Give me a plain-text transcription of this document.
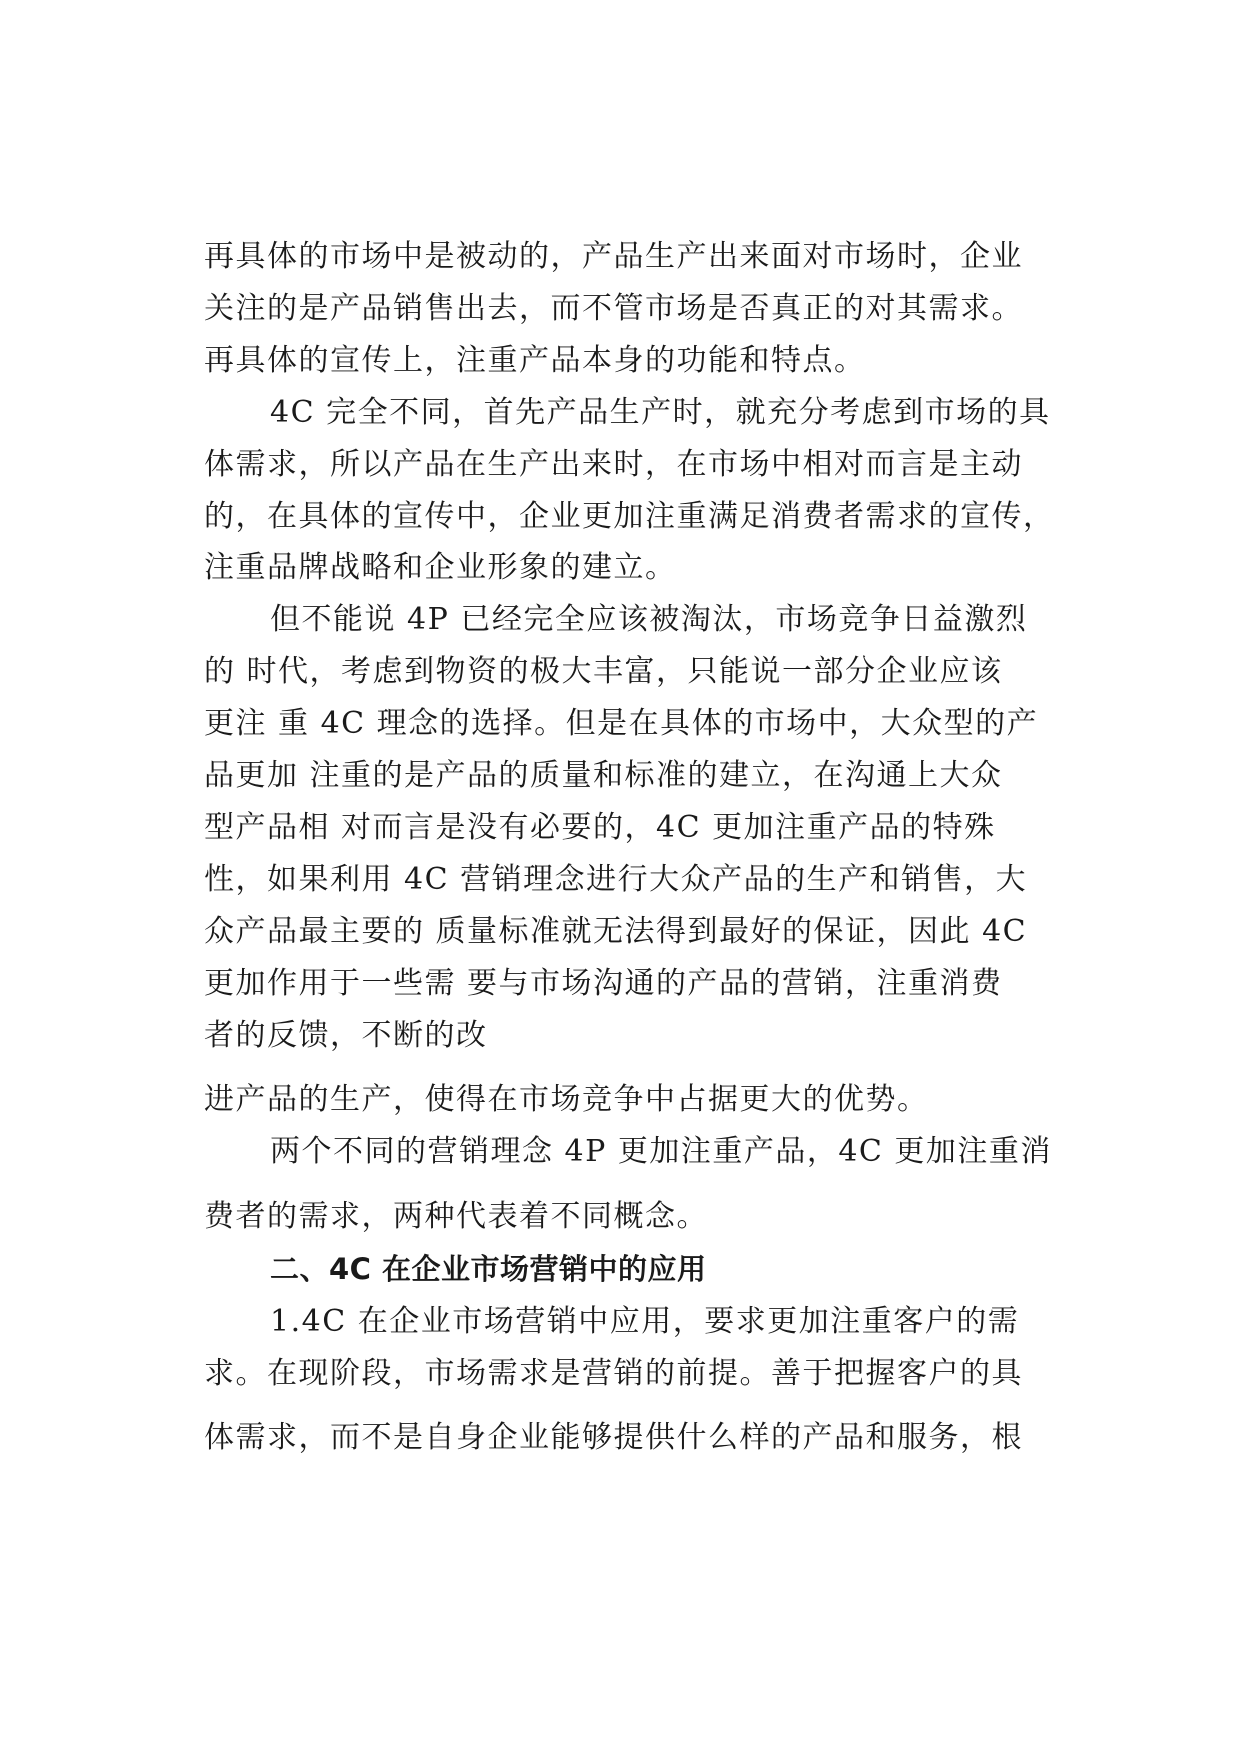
再具体的市场中是被动的，产品生产出来面对市场时，企业
关注的是产品销售出去，而不管市场是否真正的对其需求。
再具体的宣传上，注重产品本身的功能和特点。
4C 完全不同，首先产品生产时，就充分考虑到市场的具
体需求，所以产品在生产出来时，在市场中相对而言是主动
的，在具体的宣传中，企业更加注重满足消费者需求的宣传，
注重品牌战略和企业形象的建立。
但不能说 4P 已经完全应该被淘汰，市场竞争日益激烈
的 时代，考虑到物资的极大丰富，只能说一部分企业应该
更注 重 4C 理念的选择。但是在具体的市场中，大众型的产
品更加 注重的是产品的质量和标准的建立，在沟通上大众
型产品相 对而言是没有必要的，4C 更加注重产品的特殊
性，如果利用 4C 营销理念进行大众产品的生产和销售，大
众产品最主要的 质量标准就无法得到最好的保证，因此 4C
更加作用于一些需 要与市场沟通的产品的营销，注重消费
者的反馈，不断的改
进产品的生产，使得在市场竞争中占据更大的优势。
两个不同的营销理念 4P 更加注重产品，4C 更加注重消
费者的需求，两种代表着不同概念。
二、4C 在企业市场营销中的应用
1.4C 在企业市场营销中应用，要求更加注重客户的需
求。在现阶段，市场需求是营销的前提。善于把握客户的具
体需求，而不是自身企业能够提供什么样的产品和服务，根
